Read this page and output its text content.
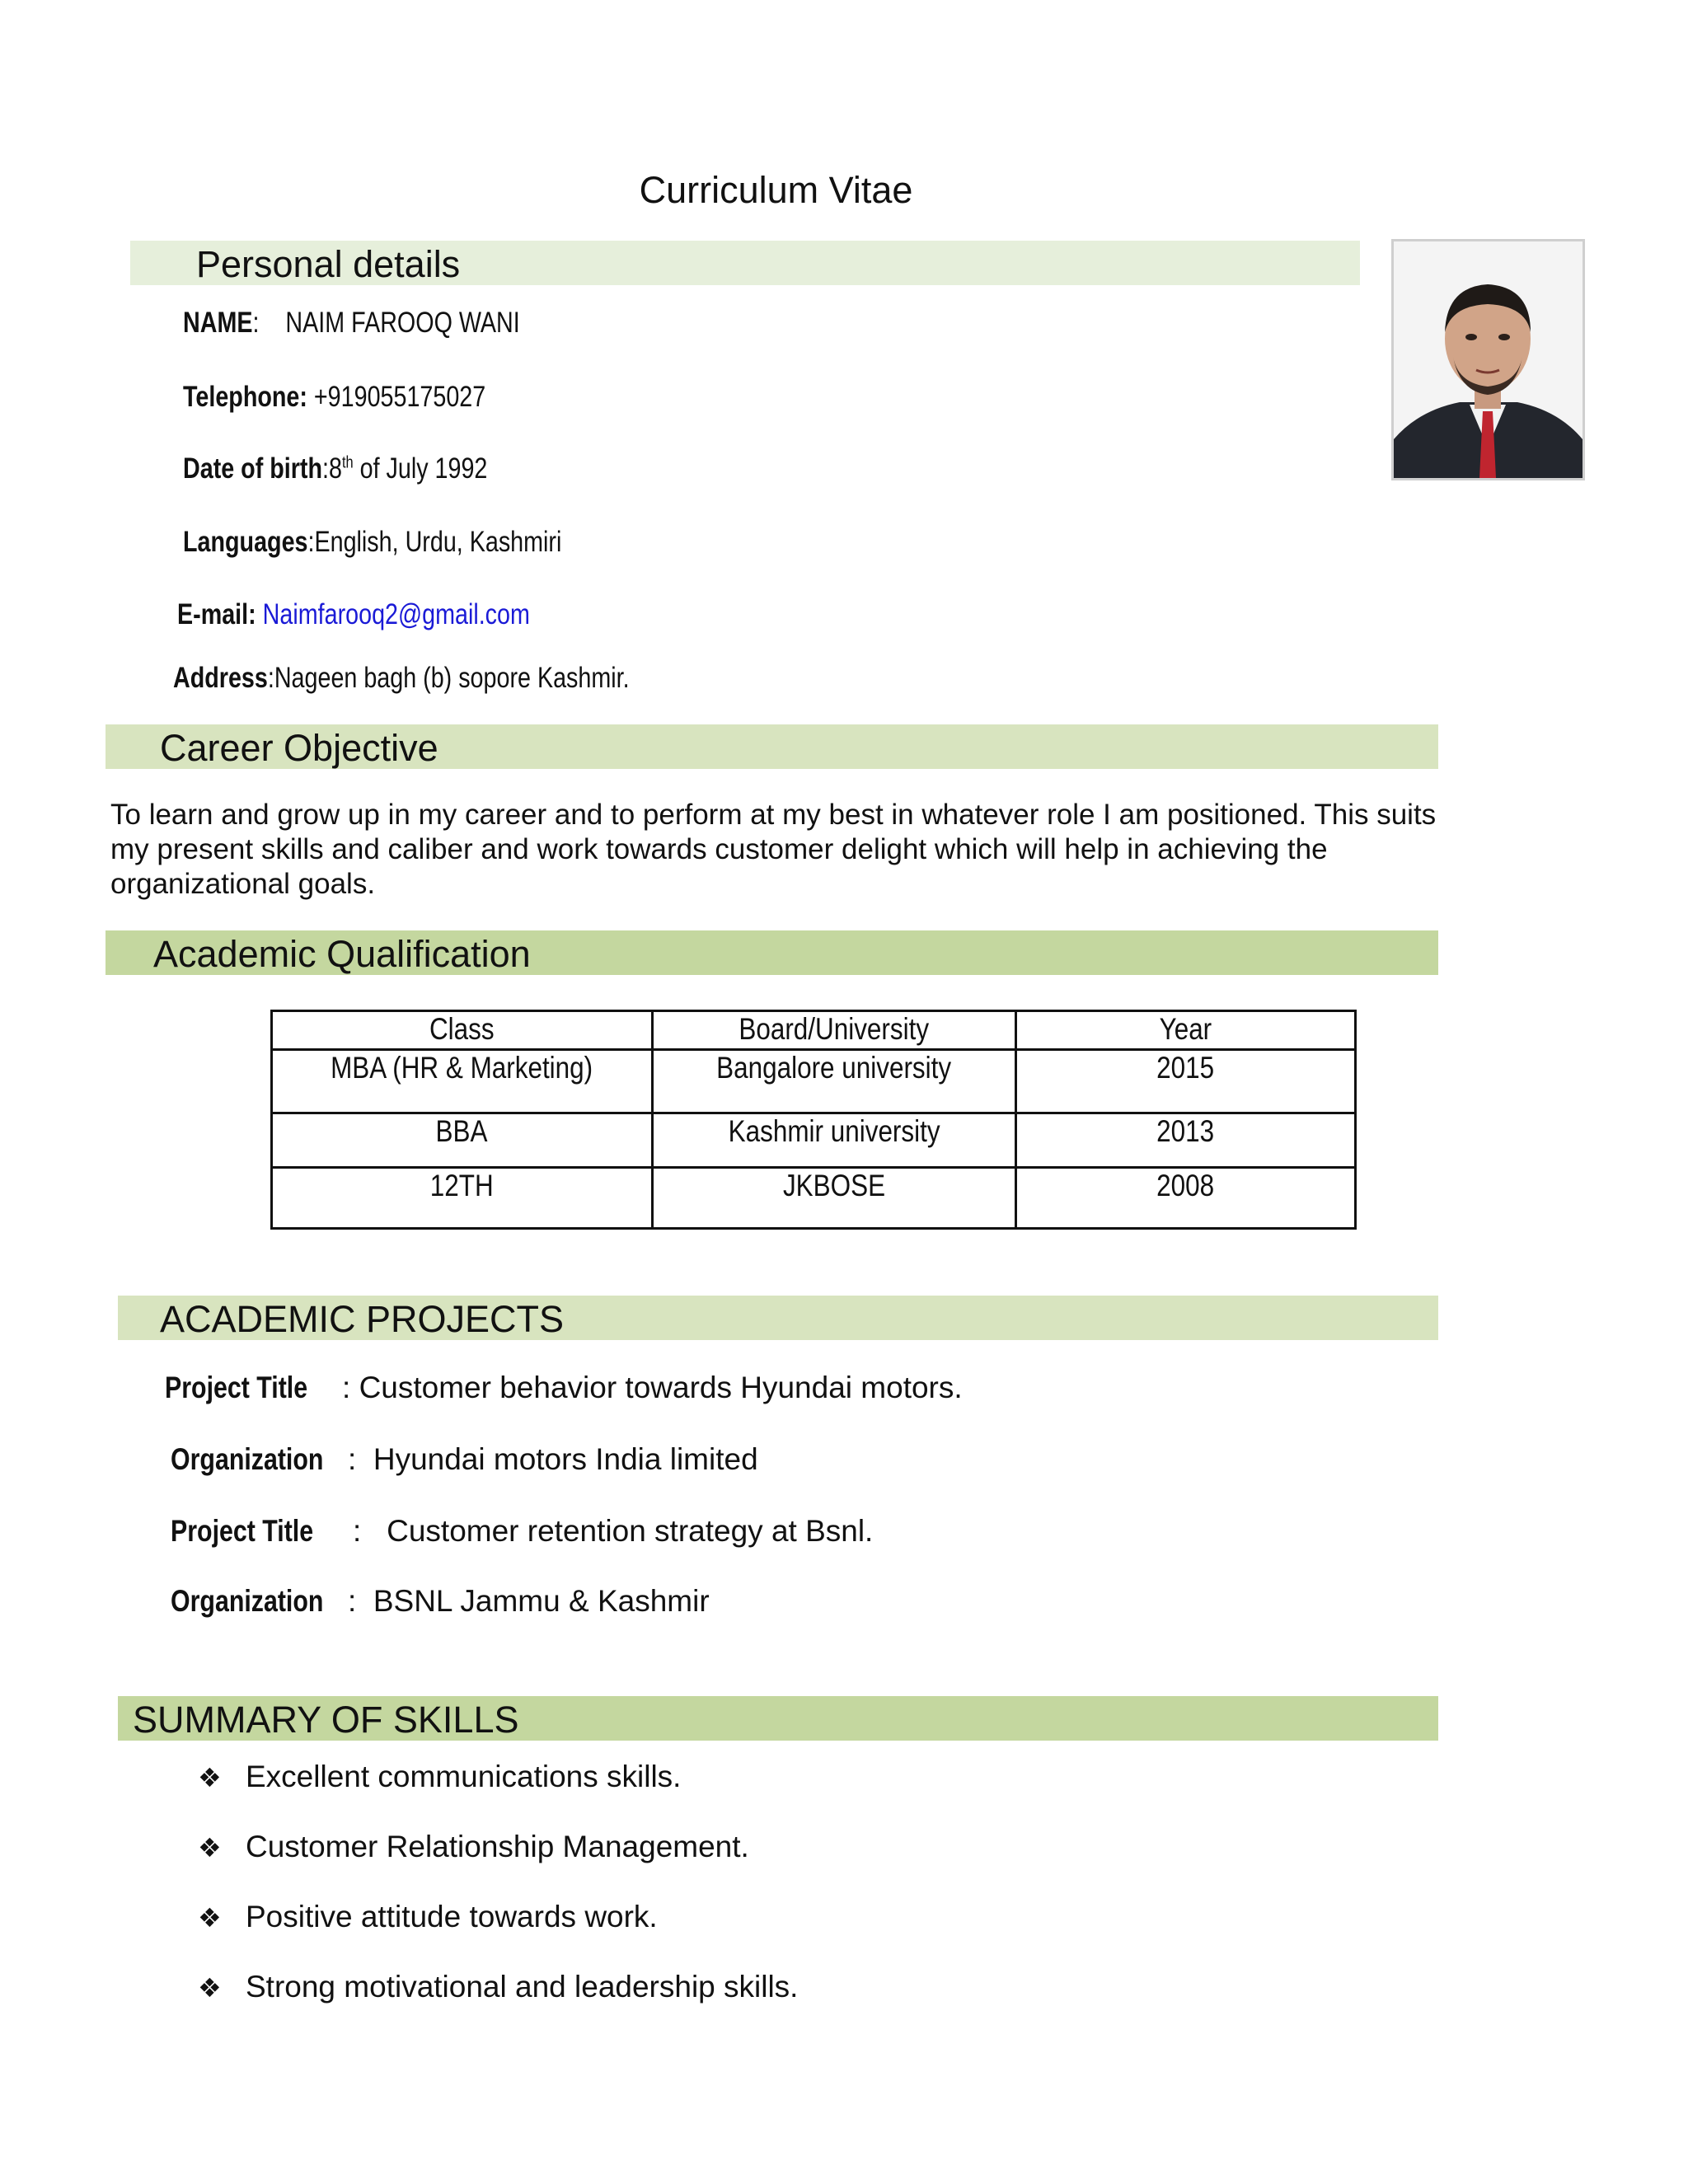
Curriculum Vitae
Personal details
NAME: NAIM FAROOQ WANI
Telephone: +919055175027
Date of birth:8th of July 1992
Languages:English, Urdu, Kashmiri
E-mail: Naimfarooq2@gmail.com
Address:Nageen bagh (b) sopore Kashmir.
Career Objective
To learn and grow up in my career and to perform at my best in whatever role I am positioned. This suits my present skills and caliber and work towards customer delight which will help in achieving the organizational goals.
Academic Qualification
Class	Board/University	Year
MBA (HR & Marketing)	Bangalore university	2015
BBA	Kashmir university	2013
12TH	JKBOSE	2008
ACADEMIC PROJECTS
Project Title : Customer behavior towards Hyundai motors.
Organization : Hyundai motors India limited
Project Title : Customer retention strategy at Bsnl.
Organization : BSNL Jammu & Kashmir
SUMMARY OF SKILLS
❖ Excellent communications skills.
❖ Customer Relationship Management.
❖ Positive attitude towards work.
❖ Strong motivational and leadership skills.
